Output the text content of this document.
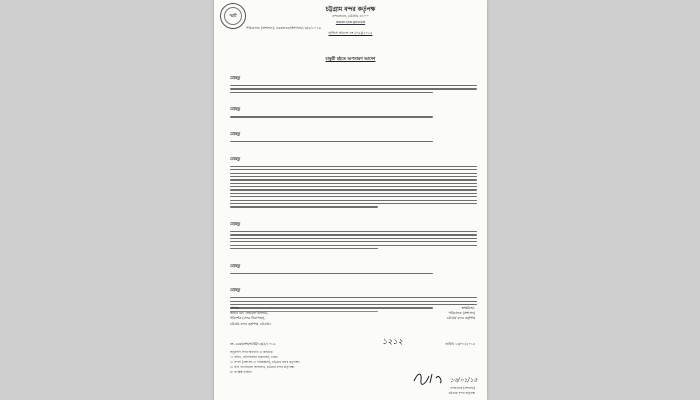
স্মার্ট
চট্টগ্রাম বন্দর কর্তৃপক্ষ
বন্দরভবন, চট্টগ্রাম ৪১০০
www.cpa.gov.bd
পরিচালক (প্রশাসন), চবকভবন/প্রশাসন/১৩/৫/১০১৬
অফিস আদেশ নং (০৬)/২০১৫
চাকুরী হইতে অপসারণ আদেশ
যেহেতু
যেহেতু
যেহেতু
যেহেতু
যেহেতু
যেহেতু
যেহেতু
প্রাপক:
জনাব মো: নাহারুল ইসলাম,
পরিদর্শক (বন্দর নিরাপত্তা),
চট্টগ্রাম বন্দর কর্তৃপক্ষ, চট্টগ্রাম।
স্বাক্ষরিত/-
পরিচালক (প্রশাসন)
চট্টগ্রাম বন্দর কর্তৃপক্ষ
নং- চবক/প্রশা/আর্মি/১৩/৫/১০১৬	১২১২	তারিখ ১৩/০১/২০১৫
অনুলিপি সদয় অবগতি ও কার্যার্থে:
১। সচিব, নৌপরিবহন মন্ত্রণালয়, ঢাকা।
২। সদস্য (প্রশাসন ও পরিকল্পনা), চট্টগ্রাম বন্দর কর্তৃপক্ষ।
৩। চিফ পার্সোনেল অফিসার, চট্টগ্রাম বন্দর কর্তৃপক্ষ।
৪। সংশ্লিষ্ট ফাইল।
১৩/০১/১৫
পরিচালক (প্রশাসন)
চট্টগ্রাম বন্দর কর্তৃপক্ষ
